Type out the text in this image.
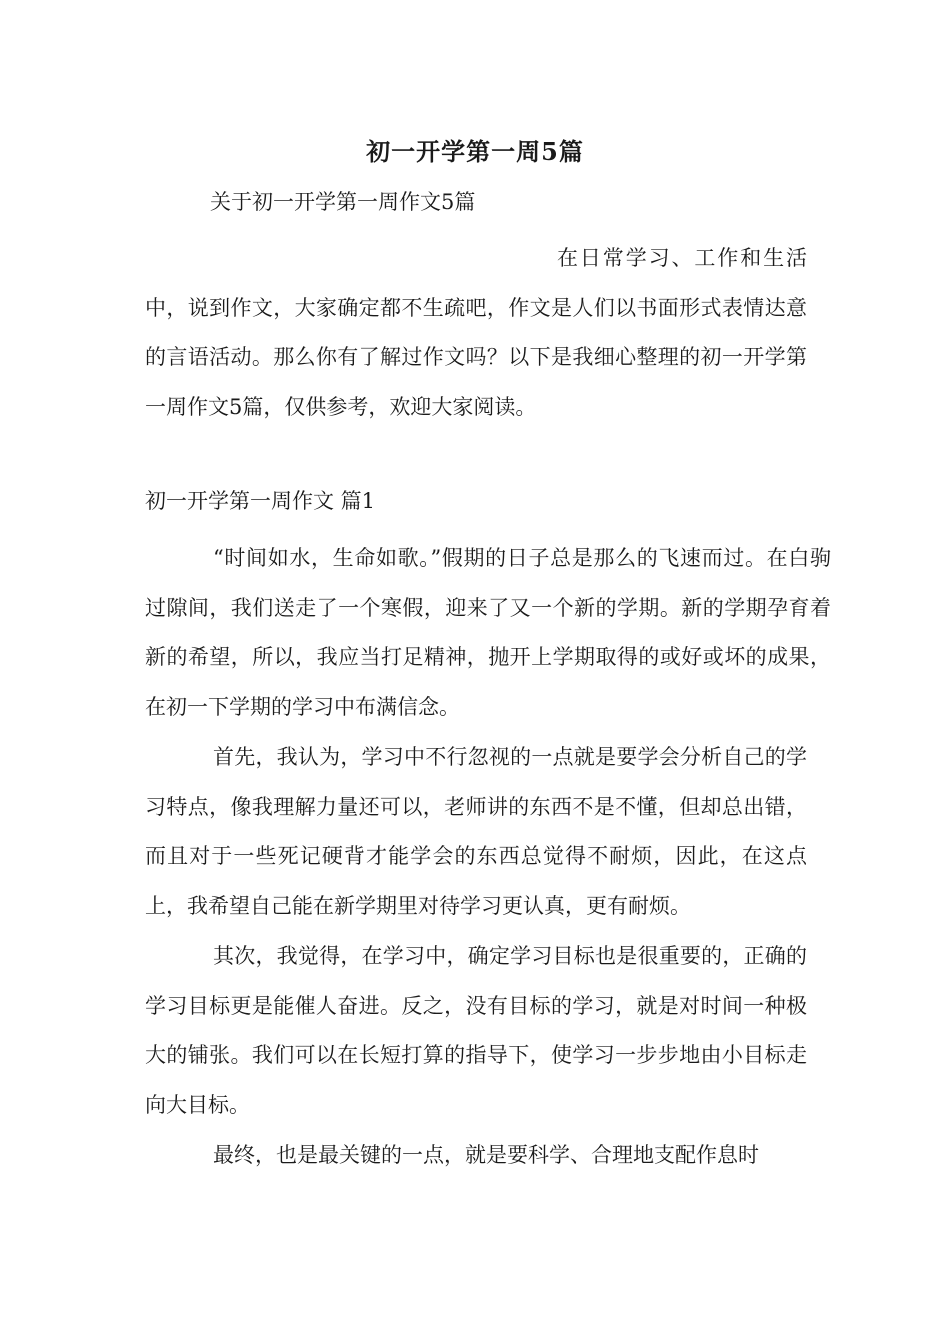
初一开学第一周5篇

关于初一开学第一周作文5篇

在日常学习、工作和生活中，说到作文，大家确定都不生疏吧，作文是人们以书面形式表情达意的言语活动。那么你有了解过作文吗？以下是我细心整理的初一开学第一周作文5篇，仅供参考，欢迎大家阅读。

初一开学第一周作文 篇1

“时间如水，生命如歌。”假期的日子总是那么的飞速而过。在白驹过隙间，我们送走了一个寒假，迎来了又一个新的学期。新的学期孕育着新的希望，所以，我应当打足精神，抛开上学期取得的或好或坏的成果，在初一下学期的学习中布满信念。

首先，我认为，学习中不行忽视的一点就是要学会分析自己的学习特点，像我理解力量还可以，老师讲的东西不是不懂，但却总出错，而且对于一些死记硬背才能学会的东西总觉得不耐烦，因此，在这点上，我希望自己能在新学期里对待学习更认真，更有耐烦。

其次，我觉得，在学习中，确定学习目标也是很重要的，正确的学习目标更是能催人奋进。反之，没有目标的学习，就是对时间一种极大的铺张。我们可以在长短打算的指导下，使学习一步步地由小目标走向大目标。

最终，也是最关键的一点，就是要科学、合理地支配作息时
